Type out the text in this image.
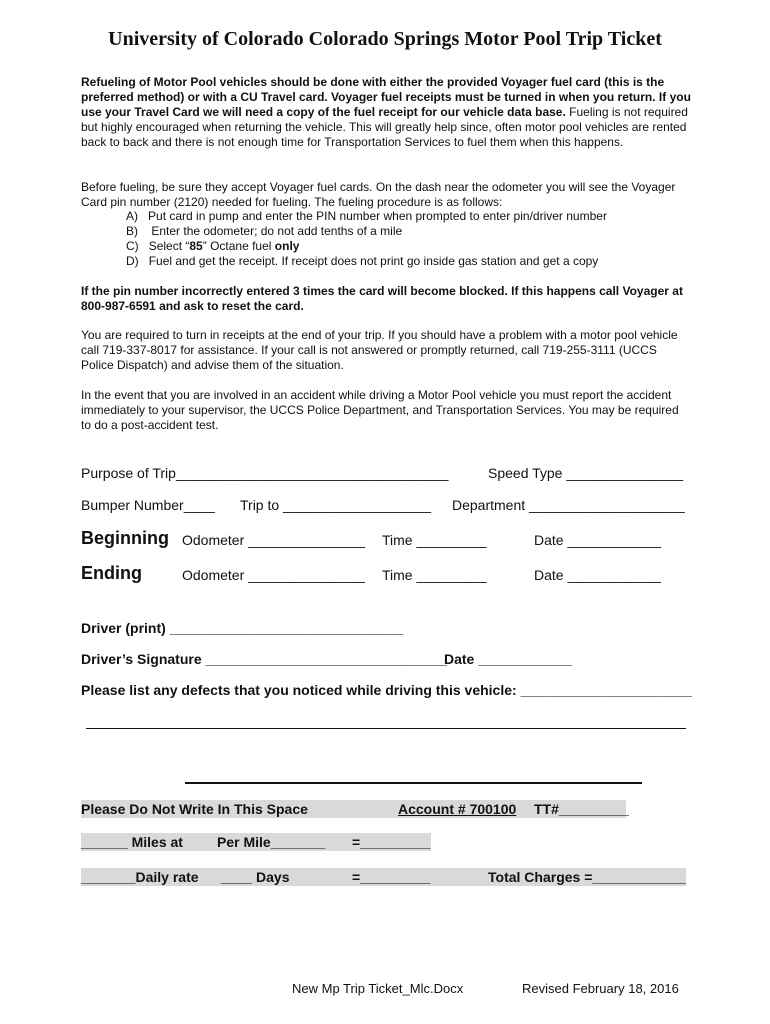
University of Colorado Colorado Springs Motor Pool Trip Ticket
Refueling of Motor Pool vehicles should be done with either the provided Voyager fuel card (this is the preferred method) or with a CU Travel card. Voyager fuel receipts must be turned in when you return. If you use your Travel Card we will need a copy of the fuel receipt for our vehicle data base. Fueling is not required but highly encouraged when returning the vehicle. This will greatly help since, often motor pool vehicles are rented back to back and there is not enough time for Transportation Services to fuel them when this happens.
Before fueling, be sure they accept Voyager fuel cards. On the dash near the odometer you will see the Voyager Card pin number (2120) needed for fueling. The fueling procedure is as follows:
A) Put card in pump and enter the PIN number when prompted to enter pin/driver number
B) Enter the odometer; do not add tenths of a mile
C) Select “85” Octane fuel only
D) Fuel and get the receipt. If receipt does not print go inside gas station and get a copy
If the pin number incorrectly entered 3 times the card will become blocked. If this happens call Voyager at 800-987-6591 and ask to reset the card.
You are required to turn in receipts at the end of your trip. If you should have a problem with a motor pool vehicle call 719-337-8017 for assistance. If your call is not answered or promptly returned, call 719-255-3111 (UCCS Police Dispatch) and advise them of the situation.
In the event that you are involved in an accident while driving a Motor Pool vehicle you must report the accident immediately to your supervisor, the UCCS Police Department, and Transportation Services. You may be required to do a post-accident test.
Purpose of Trip___________________________________	Speed Type _______________
Bumper Number____ Trip to ___________________ Department ____________________
Beginning Odometer _______________ Time _________	Date ____________
Ending	Odometer _______________ Time _________	Date ____________
Driver (print) ______________________________
Driver’s Signature _______________________________
Date ____________
Please list any defects that you noticed while driving this vehicle: ______________________
Please Do Not Write In This Space	Account # 700100 TT#_________
______ Miles at Per Mile_______ =_________
_______Daily rate ____ Days	=_________	Total Charges =____________
New Mp Trip Ticket_Mlc.Docx	Revised February 18, 2016
